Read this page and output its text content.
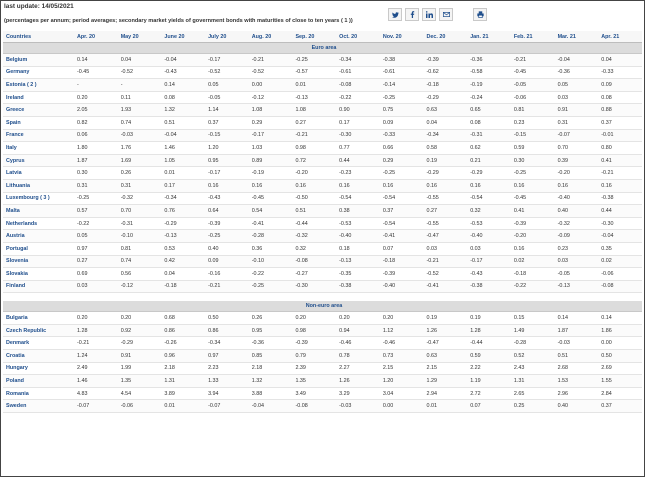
last update: 14/05/2021
(percentages per annum; period averages; secondary market yields of government bonds with maturities of close to ten years ( 1 ))
Countries	Apr. 20	May 20	June 20	July 20	Aug. 20	Sep. 20	Oct. 20	Nov. 20	Dec. 20	Jan. 21	Feb. 21	Mar. 21	Apr. 21
Euro area													
Belgium	0.14	0.04	-0.04	-0.17	-0.21	-0.25	-0.34	-0.38	-0.39	-0.36	-0.21	-0.04	0.04
Germany	-0.45	-0.52	-0.43	-0.52	-0.52	-0.57	-0.61	-0.61	-0.62	-0.58	-0.45	-0.36	-0.33
Estonia ( 2 )	-	-	0.14	0.05	0.00	0.01	-0.08	-0.14	-0.18	-0.19	-0.05	0.05	0.09
Ireland	0.20	0.11	0.08	-0.05	-0.12	-0.13	-0.22	-0.25	-0.29	-0.24	-0.06	0.03	0.08
Greece	2.05	1.93	1.32	1.14	1.08	1.08	0.90	0.75	0.63	0.65	0.81	0.91	0.88
Spain	0.82	0.74	0.51	0.37	0.29	0.27	0.17	0.09	0.04	0.08	0.23	0.31	0.37
France	0.06	-0.03	-0.04	-0.15	-0.17	-0.21	-0.30	-0.33	-0.34	-0.31	-0.15	-0.07	-0.01
Italy	1.80	1.76	1.46	1.20	1.03	0.98	0.77	0.66	0.58	0.62	0.59	0.70	0.80
Cyprus	1.87	1.69	1.05	0.95	0.89	0.72	0.44	0.29	0.19	0.21	0.30	0.39	0.41
Latvia	0.30	0.26	0.01	-0.17	-0.19	-0.20	-0.23	-0.25	-0.29	-0.29	-0.25	-0.20	-0.21
Lithuania	0.31	0.31	0.17	0.16	0.16	0.16	0.16	0.16	0.16	0.16	0.16	0.16	0.16
Luxembourg ( 3 )	-0.25	-0.32	-0.34	-0.43	-0.45	-0.50	-0.54	-0.54	-0.55	-0.54	-0.45	-0.40	-0.38
Malta	0.57	0.70	0.76	0.64	0.54	0.51	0.38	0.37	0.27	0.32	0.41	0.40	0.44
Netherlands	-0.22	-0.31	-0.29	-0.39	-0.41	-0.44	-0.53	-0.54	-0.55	-0.53	-0.39	-0.32	-0.30
Austria	0.05	-0.10	-0.13	-0.25	-0.28	-0.32	-0.40	-0.41	-0.47	-0.40	-0.20	-0.09	-0.04
Portugal	0.97	0.81	0.53	0.40	0.36	0.32	0.18	0.07	0.03	0.03	0.16	0.23	0.35
Slovenia	0.27	0.74	0.42	0.09	-0.10	-0.08	-0.13	-0.18	-0.21	-0.17	0.02	0.03	0.02
Slovakia	0.69	0.56	0.04	-0.16	-0.22	-0.27	-0.35	-0.39	-0.52	-0.43	-0.18	-0.05	-0.06
Finland	0.03	-0.12	-0.18	-0.21	-0.25	-0.30	-0.38	-0.40	-0.41	-0.38	-0.22	-0.13	-0.08

Non-euro area													
Bulgaria	0.20	0.20	0.68	0.50	0.26	0.20	0.20	0.20	0.19	0.19	0.15	0.14	0.14
Czech Republic	1.28	0.92	0.86	0.86	0.95	0.98	0.94	1.12	1.26	1.28	1.49	1.87	1.86
Denmark	-0.21	-0.29	-0.26	-0.34	-0.36	-0.39	-0.46	-0.46	-0.47	-0.44	-0.28	-0.03	0.00
Croatia	1.24	0.91	0.96	0.97	0.85	0.79	0.78	0.73	0.63	0.59	0.52	0.51	0.50
Hungary	2.49	1.99	2.18	2.23	2.18	2.39	2.27	2.15	2.15	2.22	2.43	2.68	2.69
Poland	1.46	1.35	1.31	1.33	1.32	1.35	1.26	1.20	1.29	1.19	1.31	1.53	1.55
Romania	4.83	4.54	3.89	3.94	3.88	3.49	3.29	3.04	2.94	2.72	2.65	2.96	2.84
Sweden	-0.07	-0.06	0.01	-0.07	-0.04	-0.08	-0.03	0.00	0.01	0.07	0.25	0.40	0.37
